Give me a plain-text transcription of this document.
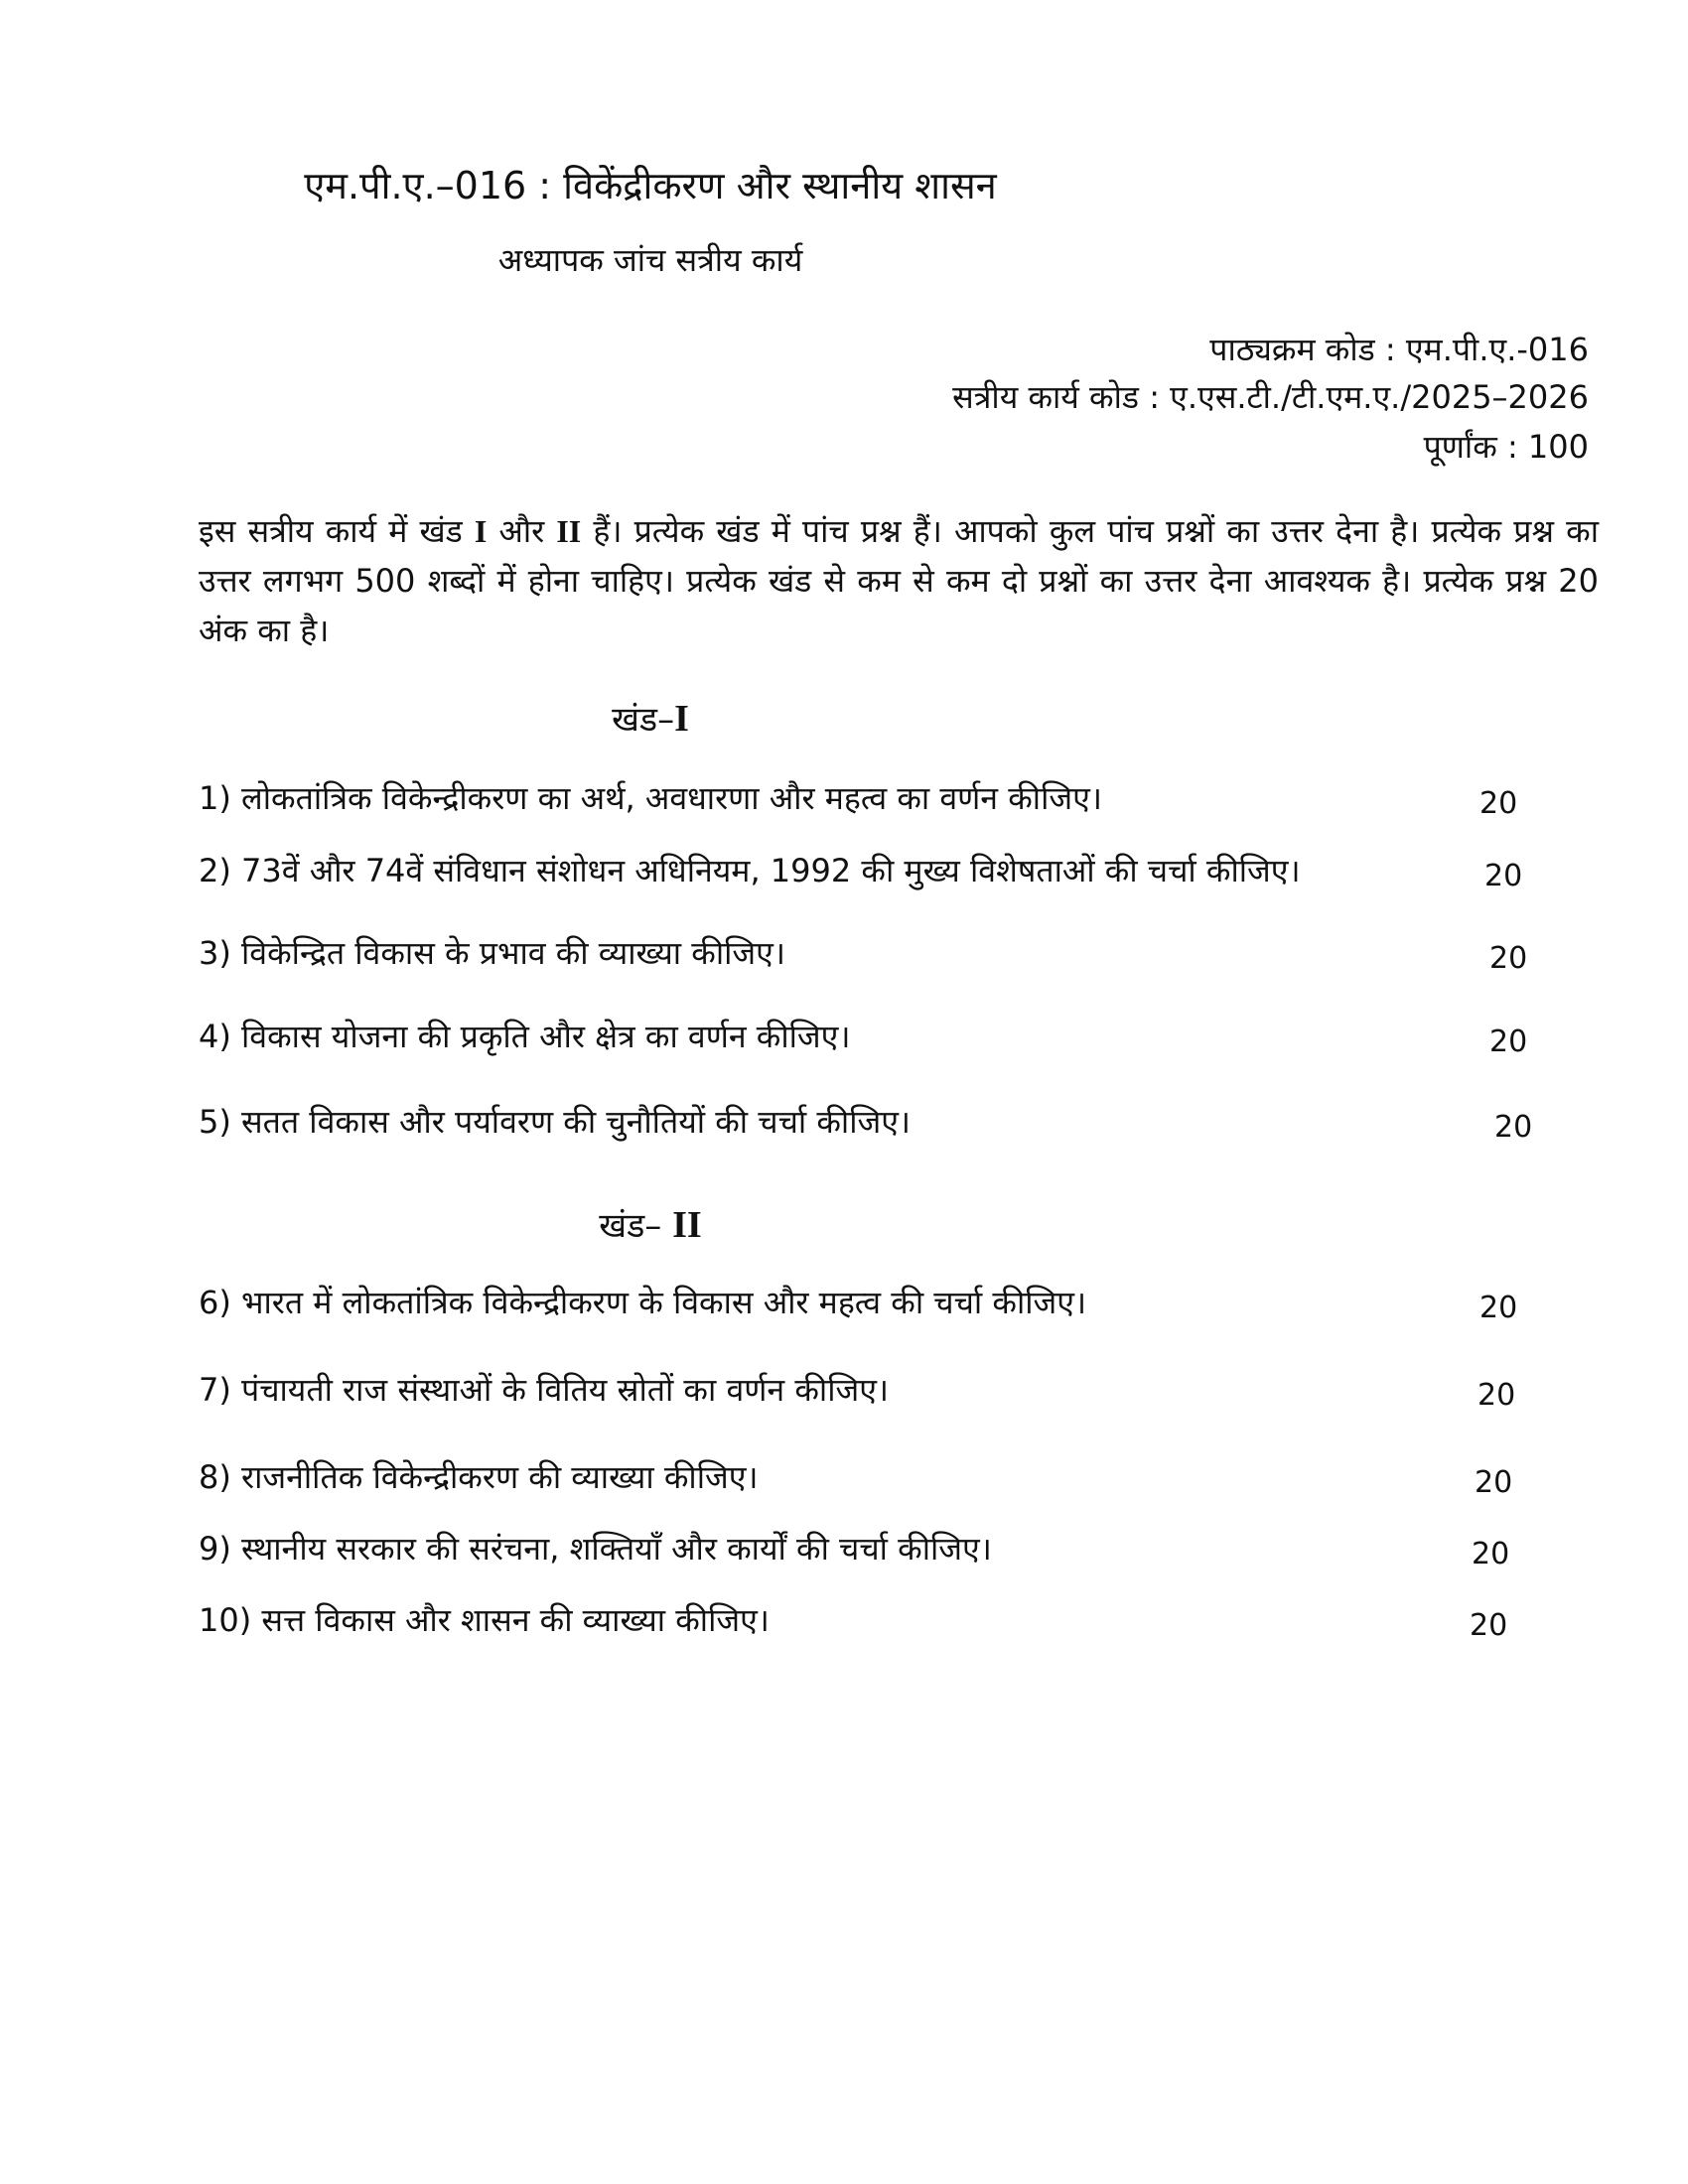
एम.पी.ए.–016 : विकेंद्रीकरण और स्थानीय शासन
अध्यापक जांच सत्रीय कार्य
पाठ्यक्रम कोड : एम.पी.ए.-016
सत्रीय कार्य कोड : ए.एस.टी./टी.एम.ए./2025–2026
पूर्णांक : 100
इस सत्रीय कार्य में खंड I और II हैं। प्रत्येक खंड में पांच प्रश्न हैं। आपको कुल पांच प्रश्नों का उत्तर देना है। प्रत्येक प्रश्न का उत्तर लगभग 500 शब्दों में होना चाहिए। प्रत्येक खंड से कम से कम दो प्रश्नों का उत्तर देना आवश्यक है। प्रत्येक प्रश्न 20 अंक का है।
खंड–I
1) लोकतांत्रिक विकेन्द्रीकरण का अर्थ, अवधारणा और महत्व का वर्णन कीजिए।	20
2) 73वें और 74वें संविधान संशोधन अधिनियम, 1992 की मुख्य विशेषताओं की चर्चा कीजिए।	20
3) विकेन्द्रित विकास के प्रभाव की व्याख्या कीजिए।	20
4) विकास योजना की प्रकृति और क्षेत्र का वर्णन कीजिए।	20
5) सतत विकास और पर्यावरण की चुनौतियों की चर्चा कीजिए।	20
खंड– II
6) भारत में लोकतांत्रिक विकेन्द्रीकरण के विकास और महत्व की चर्चा कीजिए।	20
7) पंचायती राज संस्थाओं के वितिय स्रोतों का वर्णन कीजिए।	20
8) राजनीतिक विकेन्द्रीकरण की व्याख्या कीजिए।	20
9) स्थानीय सरकार की सरंचना, शक्तियाँ और कार्यों की चर्चा कीजिए।	20
10) सत्त विकास और शासन की व्याख्या कीजिए।	20
